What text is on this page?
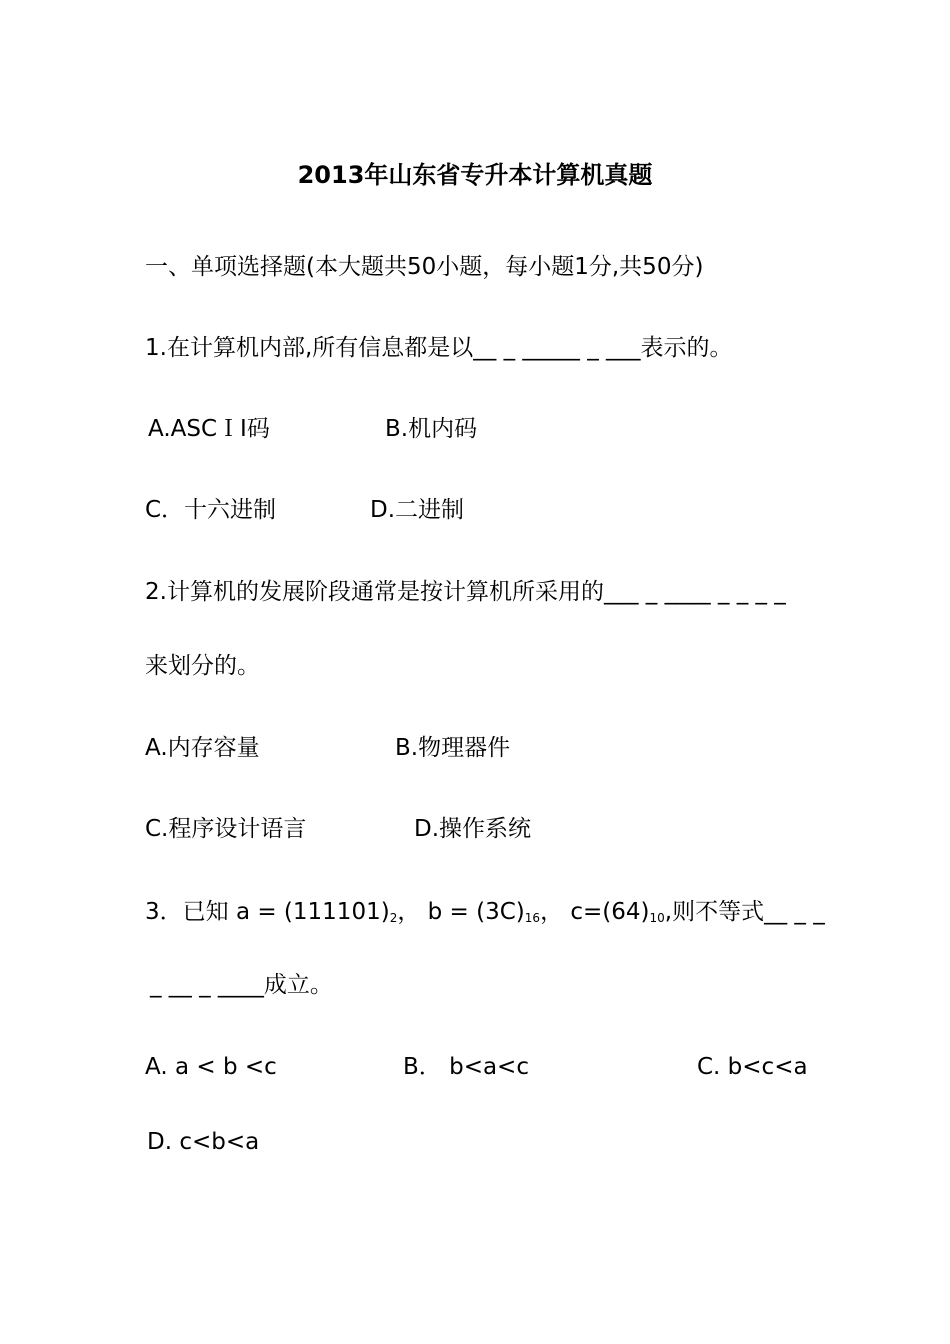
2013年山东省专升本计算机真题
一、单项选择题(本大题共50小题，每小题1分,共50分)
1.在计算机内部,所有信息都是以__ _ _____ _ ___表示的。
A.ASCＩI码	B.机内码
C．十六进制	D.二进制
2.计算机的发展阶段通常是按计算机所采用的___ _ ____ _ _ _ _
来划分的。
A.内存容量	B.物理器件
C.程序设计语言	D.操作系统
3．已知 $a = (111101)_2$， $b = (3C)_{16}$， $c=(64)_{10}$,则不等式__ _ _
_ __ _ ____成立。
A. a < b <c	B． b<a<c	C. b<c<a
D. c<b<a
